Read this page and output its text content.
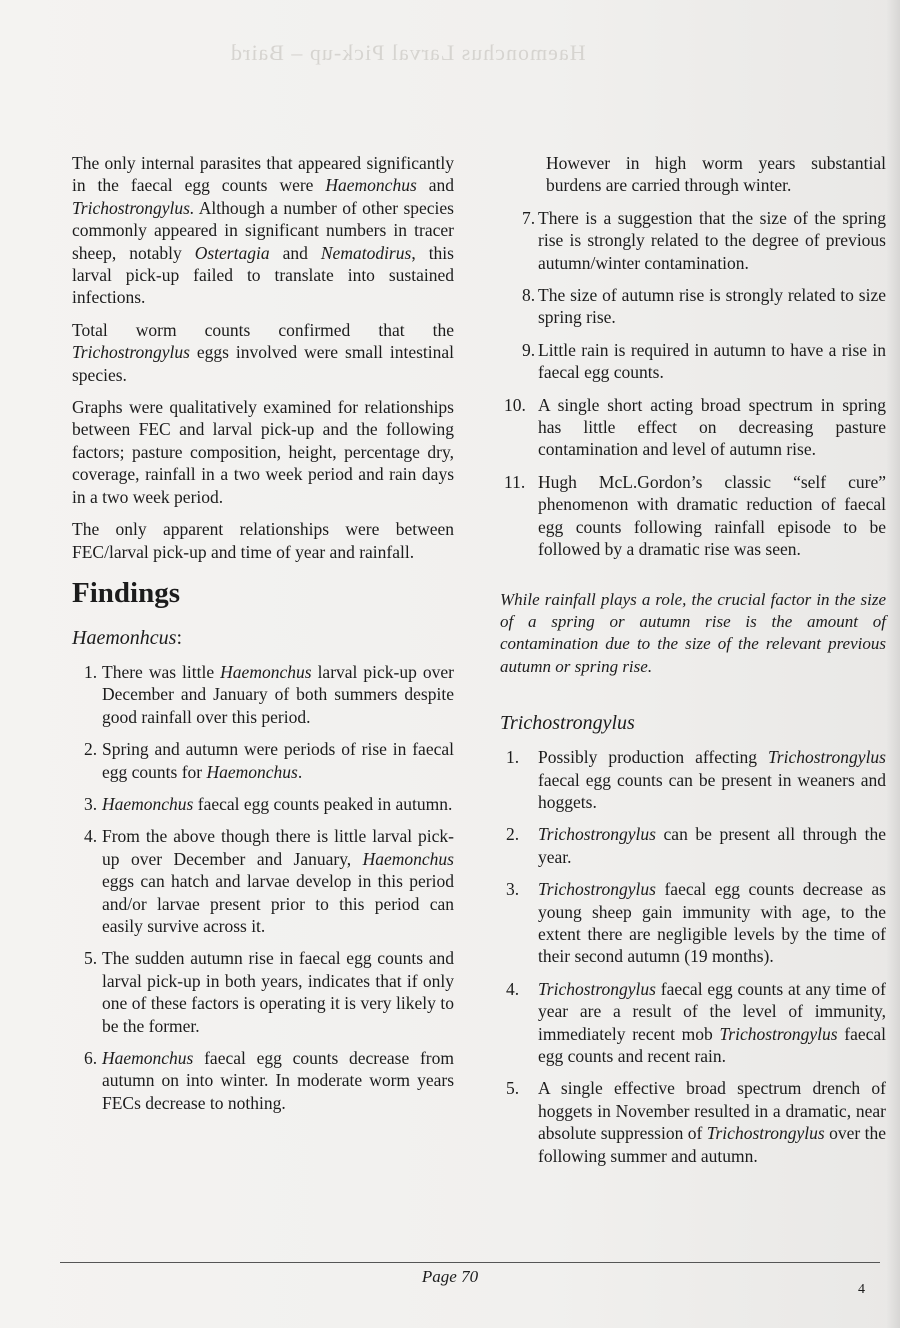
Haemonchus Larval Pick-up – Baird

The only internal parasites that appeared significantly in the faecal egg counts were Haemonchus and Trichostrongylus. Although a number of other species commonly appeared in significant numbers in tracer sheep, notably Ostertagia and Nematodirus, this larval pick-up failed to translate into sustained infections.

Total worm counts confirmed that the Trichostrongylus eggs involved were small intestinal species.

Graphs were qualitatively examined for relationships between FEC and larval pick-up and the following factors; pasture composition, height, percentage dry, coverage, rainfall in a two week period and rain days in a two week period.

The only apparent relationships were between FEC/larval pick-up and time of year and rainfall.

Findings
Haemonhcus:
1. There was little Haemonchus larval pick-up over December and January of both summers despite good rainfall over this period.
2. Spring and autumn were periods of rise in faecal egg counts for Haemonchus.
3. Haemonchus faecal egg counts peaked in autumn.
4. From the above though there is little larval pick-up over December and January, Haemonchus eggs can hatch and larvae develop in this period and/or larvae present prior to this period can easily survive across it.
5. The sudden autumn rise in faecal egg counts and larval pick-up in both years, indicates that if only one of these factors is operating it is very likely to be the former.
6. Haemonchus faecal egg counts decrease from autumn on into winter. In moderate worm years FECs decrease to nothing.

However in high worm years substantial burdens are carried through winter.

7. There is a suggestion that the size of the spring rise is strongly related to the degree of previous autumn/winter contamination.
8. The size of autumn rise is strongly related to size spring rise.
9. Little rain is required in autumn to have a rise in faecal egg counts.
10. A single short acting broad spectrum in spring has little effect on decreasing pasture contamination and level of autumn rise.
11. Hugh McL.Gordon’s classic “self cure” phenomenon with dramatic reduction of faecal egg counts following rainfall episode to be followed by a dramatic rise was seen.

While rainfall plays a role, the crucial factor in the size of a spring or autumn rise is the amount of contamination due to the size of the relevant previous autumn or spring rise.

Trichostrongylus
1. Possibly production affecting Trichostrongylus faecal egg counts can be present in weaners and hoggets.
2. Trichostrongylus can be present all through the year.
3. Trichostrongylus faecal egg counts decrease as young sheep gain immunity with age, to the extent there are negligible levels by the time of their second autumn (19 months).
4. Trichostrongylus faecal egg counts at any time of year are a result of the level of immunity, immediately recent mob Trichostrongylus faecal egg counts and recent rain.
5. A single effective broad spectrum drench of hoggets in November resulted in a dramatic, near absolute suppression of Trichostrongylus over the following summer and autumn.
Page 70
4
